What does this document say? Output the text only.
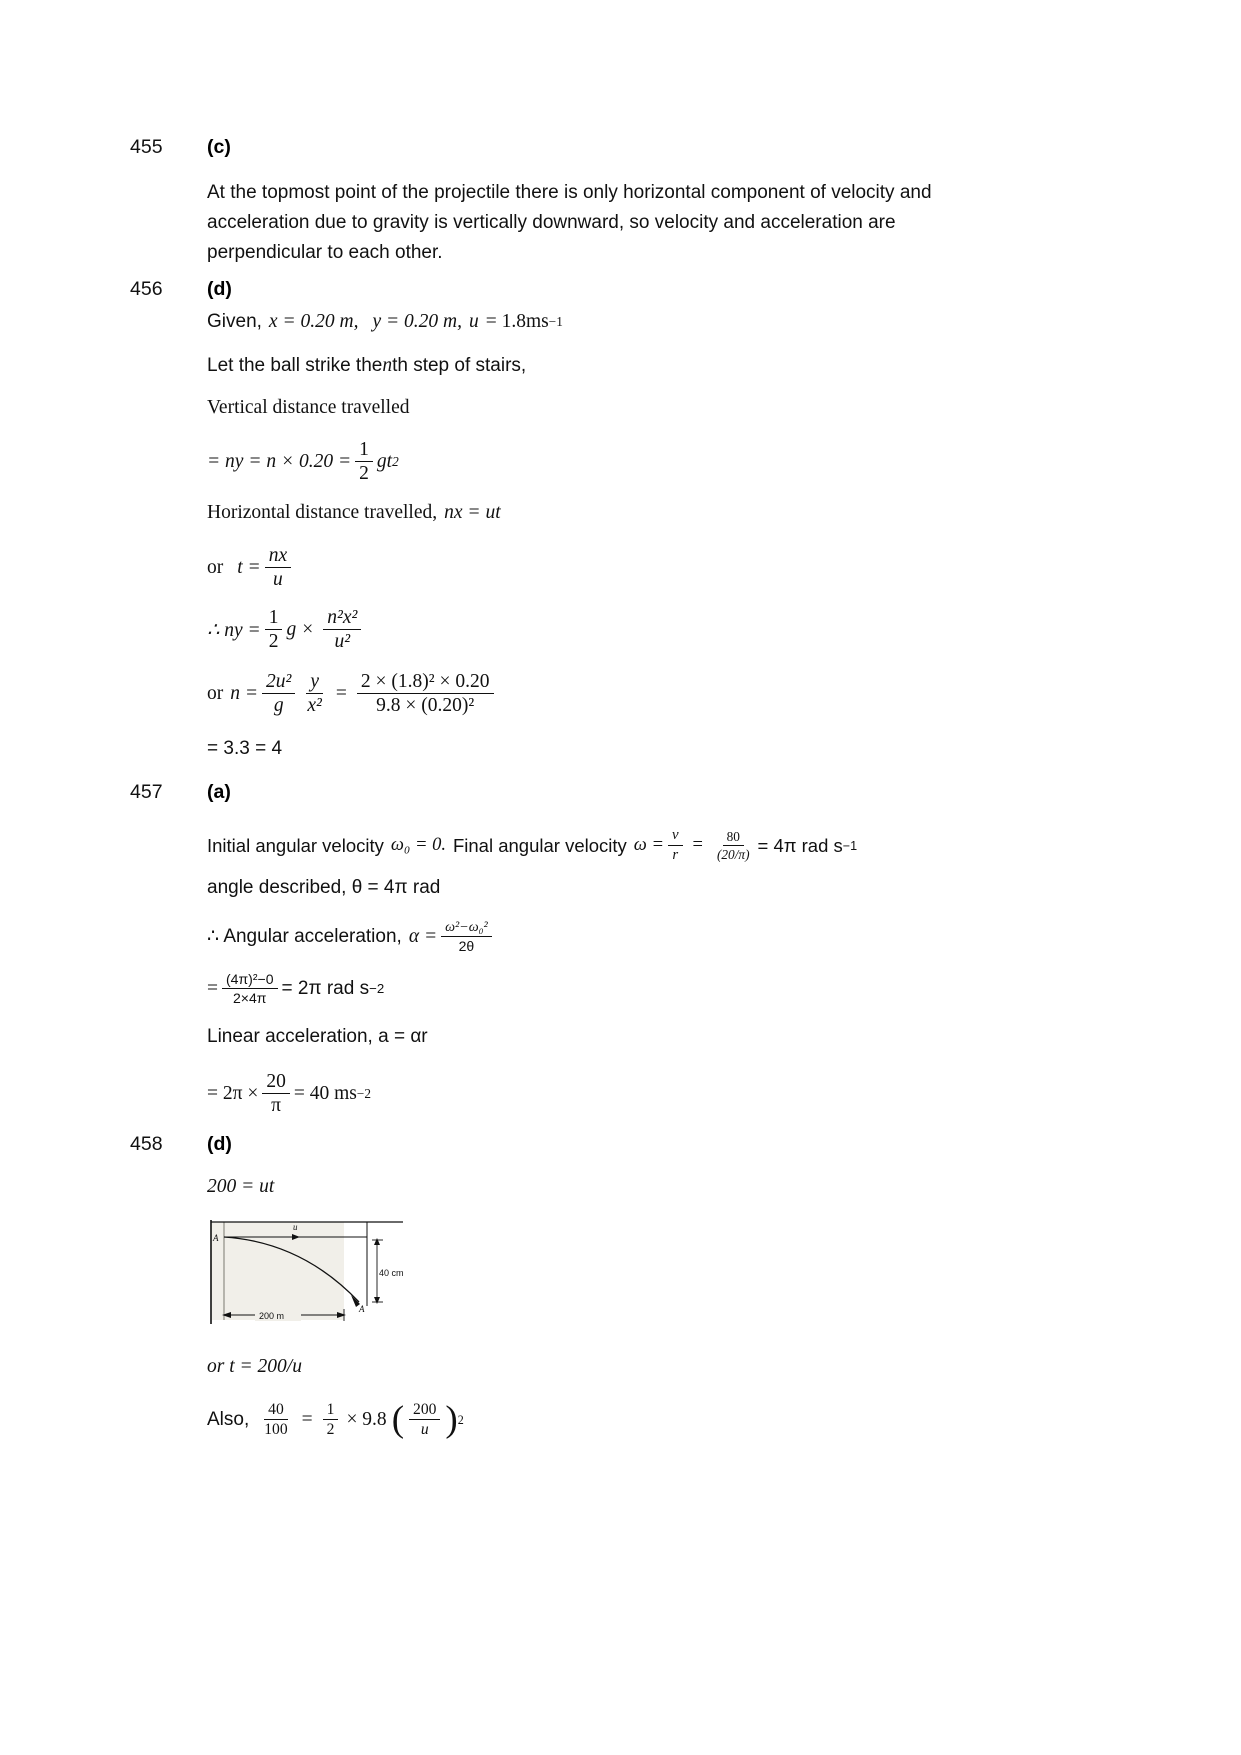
455	(c)
At the topmost point of the projectile there is only horizontal component of velocity and acceleration due to gravity is vertically downward, so velocity and acceleration are perpendicular to each other.
456	(d)
Given, x = 0.20 m, y = 0.20 m, u = 1.8ms −1
Let the ball strike the n th step of stairs,
Vertical distance travelled
= ny = $n \times 0.20 = \frac{1}{2}$ gt 2
Horizontal distance travelled, nx = ut
or $t = \frac{nx}{u}$
∴ ny = $\frac{1}{2}$ $g \times \frac{\text{n²x²}}{\text{u²}}$
or $n = \frac{\text{2u²}}{g} \frac{y}{\text{x²}} = \frac{\text{2 × (1.8)² × 0.20}}{\text{9.8 × (0.20)²}}$
= 3.3 = 4
457	(a)
Initial angular velocity ω₀ = 0. Final angular velocity $\omega = \frac{v}{r} = \frac{80}{(20/\pi)} = 4\pi$ rad s −1
angle described, θ = 4π rad
∴ Angular acceleration, $\alpha = \frac{\text{ω²−ω₀²}}{2\theta}$
= $\frac{\text{(4π)²−0}}{2\times 4\pi} = 2\pi$ rad s −2
Linear acceleration, a = αr
= $2\pi \times \frac{20}{\pi} = 40$ ms −2
458	(d)
200 = ut
u
A
A
40 cm
200 m
or t = 200/u
Also, $\frac{40}{100} = \frac{1}{2} \times 9.8$ ( $\frac{200}{u}$ ) 2
